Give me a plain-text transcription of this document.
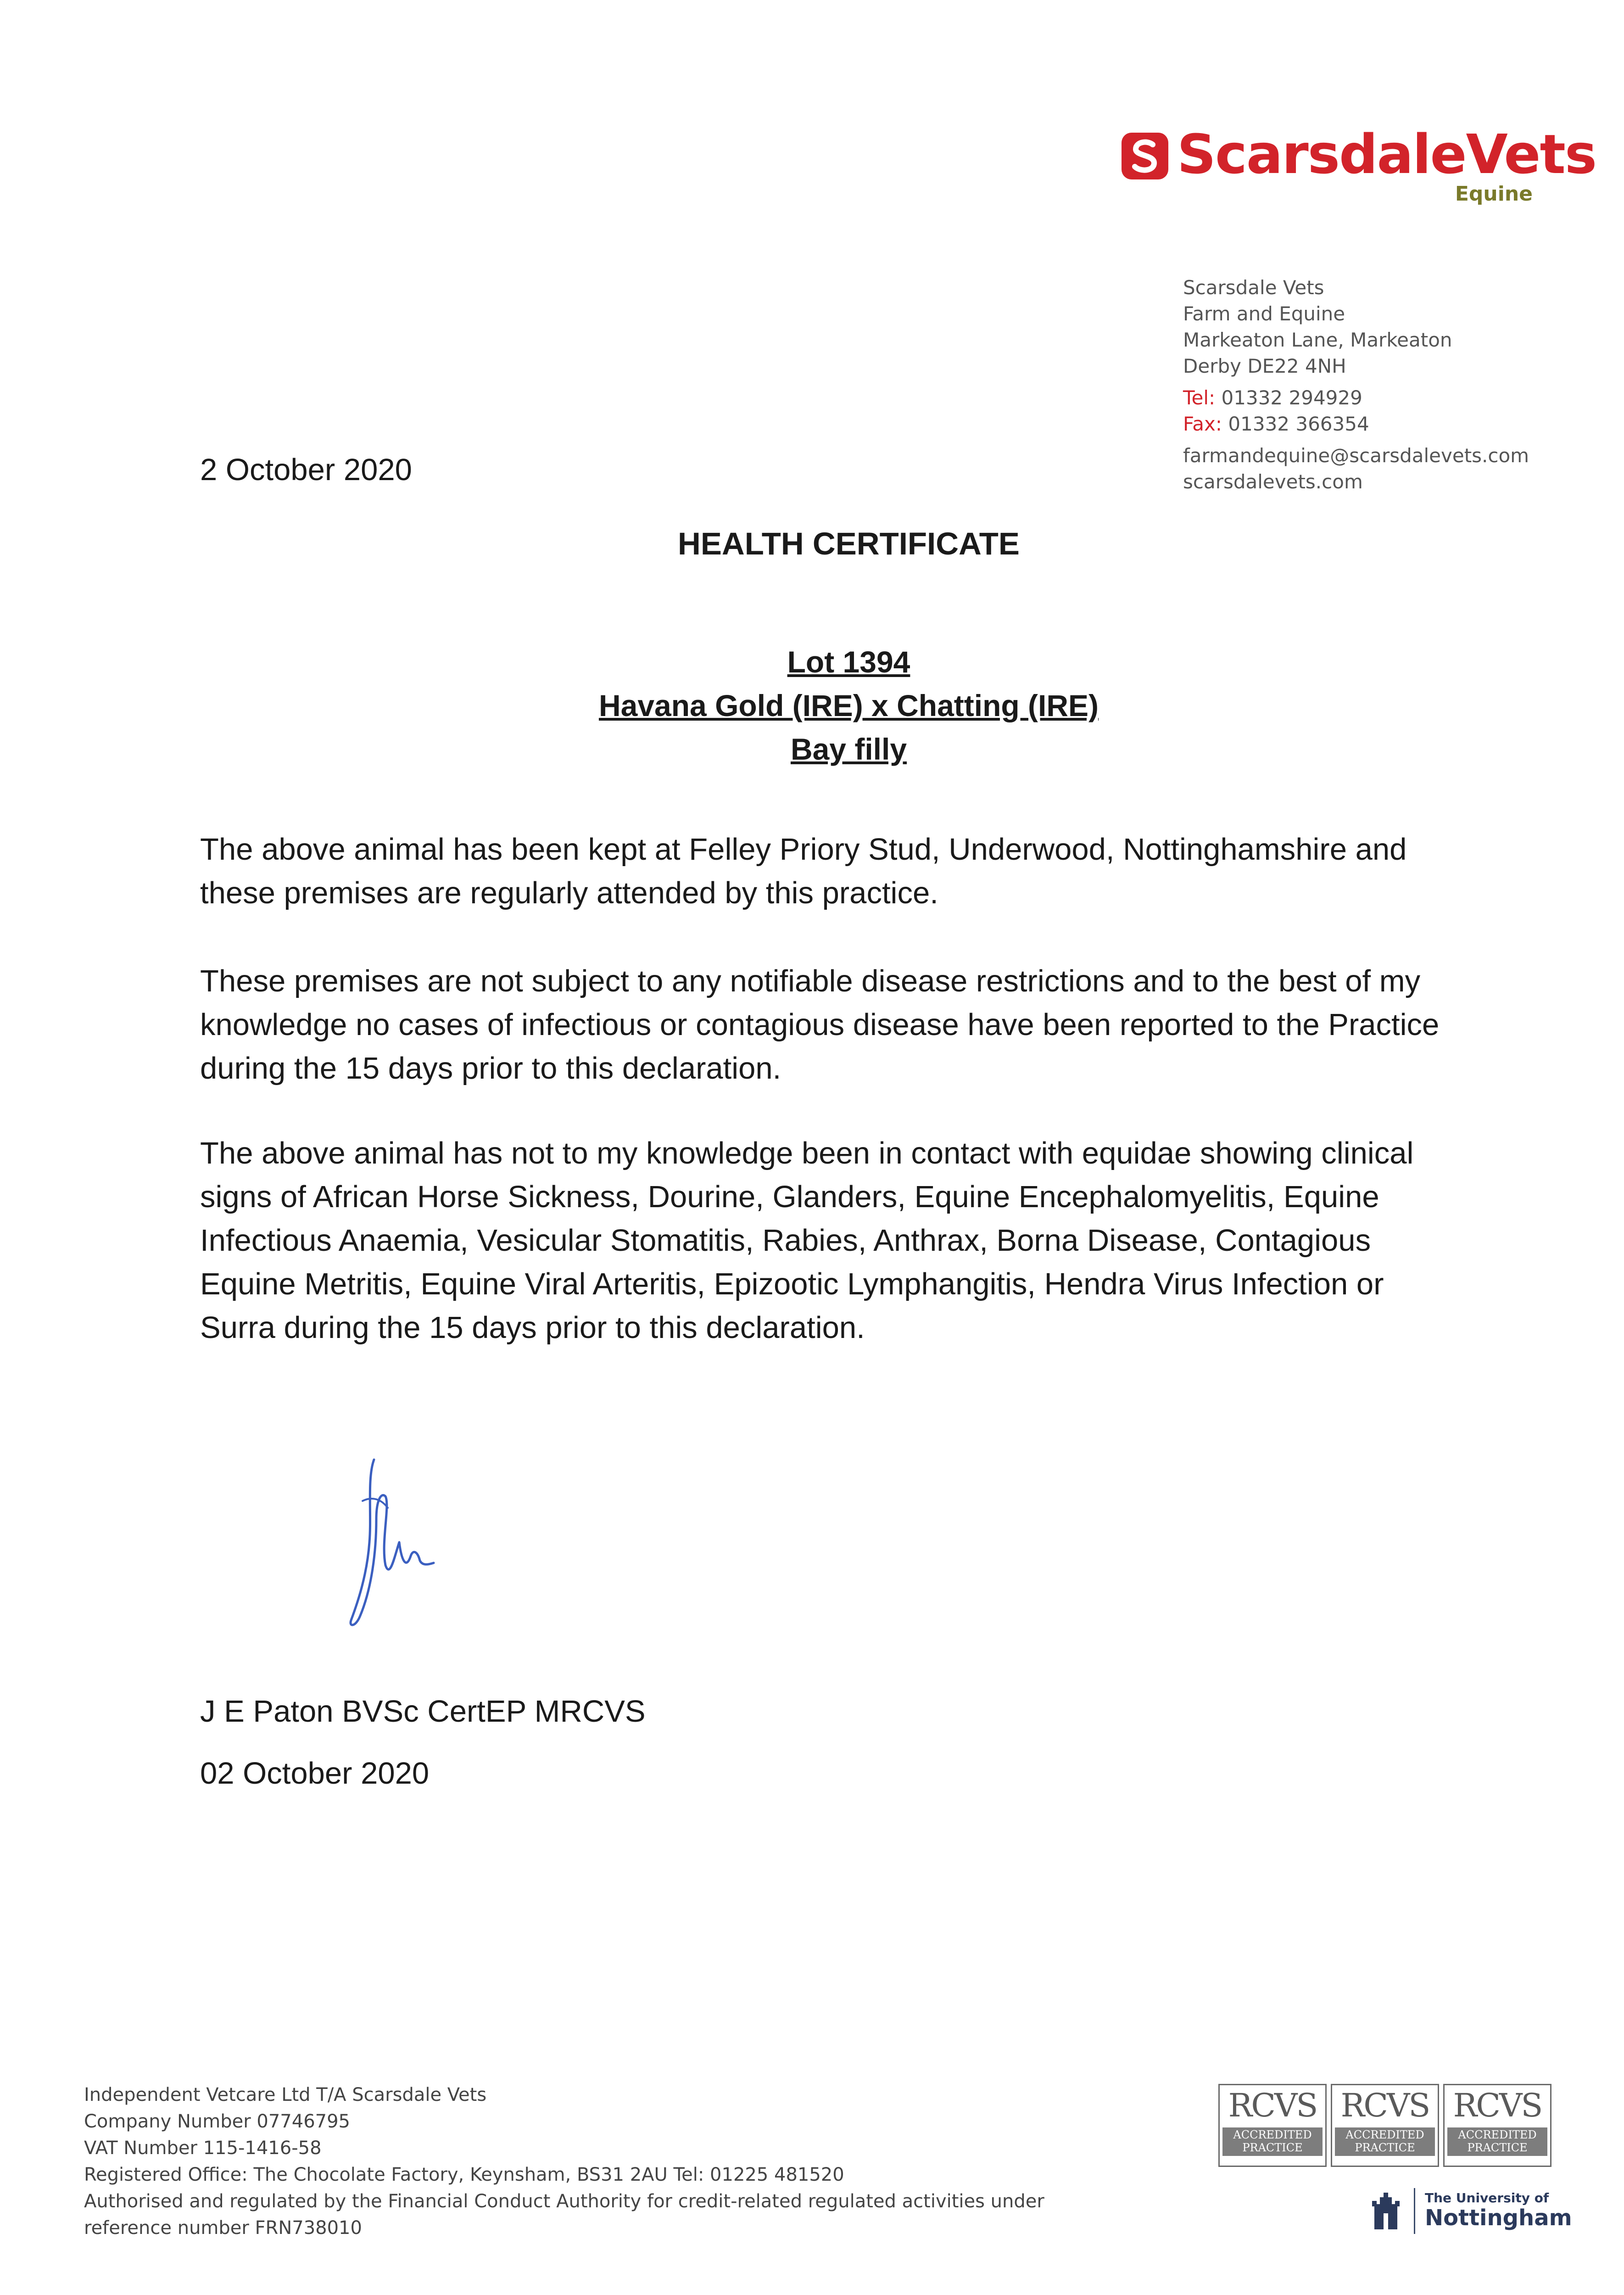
ScarsdaleVets
Equine
Scarsdale Vets
Farm and Equine
Markeaton Lane, Markeaton
Derby DE22 4NH
Tel: 01332 294929
Fax: 01332 366354
farmandequine@scarsdalevets.com
scarsdalevets.com
2 October 2020
HEALTH CERTIFICATE
Lot 1394
Havana Gold (IRE) x Chatting (IRE)
Bay filly
The above animal has been kept at Felley Priory Stud, Underwood, Nottinghamshire and these premises are regularly attended by this practice.
These premises are not subject to any notifiable disease restrictions and to the best of my knowledge no cases of infectious or contagious disease have been reported to the Practice during the 15 days prior to this declaration.
The above animal has not to my knowledge been in contact with equidae showing clinical signs of African Horse Sickness, Dourine, Glanders, Equine Encephalomyelitis, Equine Infectious Anaemia, Vesicular Stomatitis, Rabies, Anthrax, Borna Disease, Contagious Equine Metritis, Equine Viral Arteritis, Epizootic Lymphangitis, Hendra Virus Infection or Surra during the 15 days prior to this declaration.
J E Paton BVSc CertEP MRCVS
02 October 2020
Independent Vetcare Ltd T/A Scarsdale Vets
Company Number 07746795
VAT Number 115-1416-58
Registered Office: The Chocolate Factory, Keynsham, BS31 2AU Tel: 01225 481520
Authorised and regulated by the Financial Conduct Authority for credit-related regulated activities under
reference number FRN738010
RCVS
ACCREDITED
PRACTICE
RCVS
ACCREDITED
PRACTICE
RCVS
ACCREDITED
PRACTICE
The University of
Nottingham
